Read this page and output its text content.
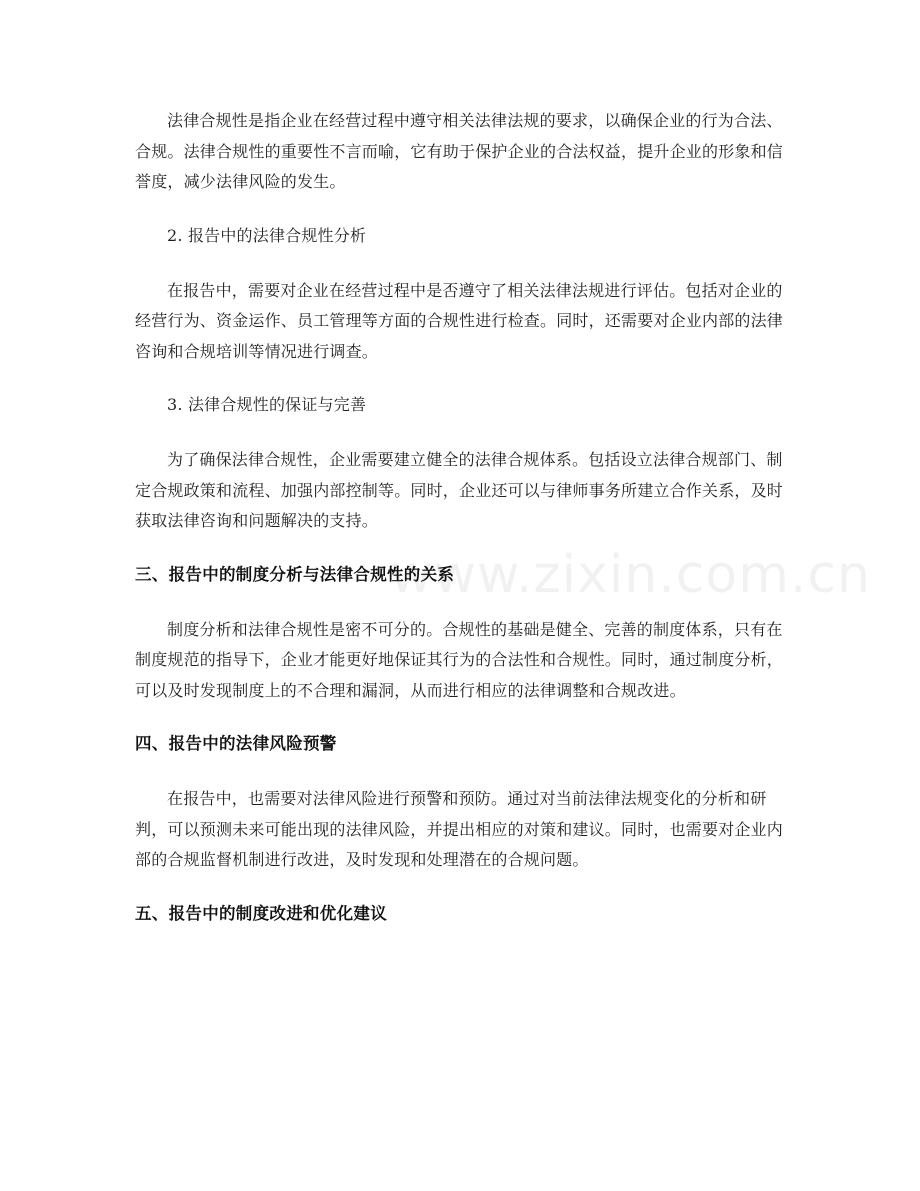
法律合规性是指企业在经营过程中遵守相关法律法规的要求，以确保企业的行为合法、合规。法律合规性的重要性不言而喻，它有助于保护企业的合法权益，提升企业的形象和信誉度，减少法律风险的发生。

2. 报告中的法律合规性分析

在报告中，需要对企业在经营过程中是否遵守了相关法律法规进行评估。包括对企业的经营行为、资金运作、员工管理等方面的合规性进行检查。同时，还需要对企业内部的法律咨询和合规培训等情况进行调查。

3. 法律合规性的保证与完善

为了确保法律合规性，企业需要建立健全的法律合规体系。包括设立法律合规部门、制定合规政策和流程、加强内部控制等。同时，企业还可以与律师事务所建立合作关系，及时获取法律咨询和问题解决的支持。

三、报告中的制度分析与法律合规性的关系

制度分析和法律合规性是密不可分的。合规性的基础是健全、完善的制度体系，只有在制度规范的指导下，企业才能更好地保证其行为的合法性和合规性。同时，通过制度分析，可以及时发现制度上的不合理和漏洞，从而进行相应的法律调整和合规改进。

四、报告中的法律风险预警

在报告中，也需要对法律风险进行预警和预防。通过对当前法律法规变化的分析和研判，可以预测未来可能出现的法律风险，并提出相应的对策和建议。同时，也需要对企业内部的合规监督机制进行改进，及时发现和处理潜在的合规问题。

五、报告中的制度改进和优化建议
www.zixin.com.cn
